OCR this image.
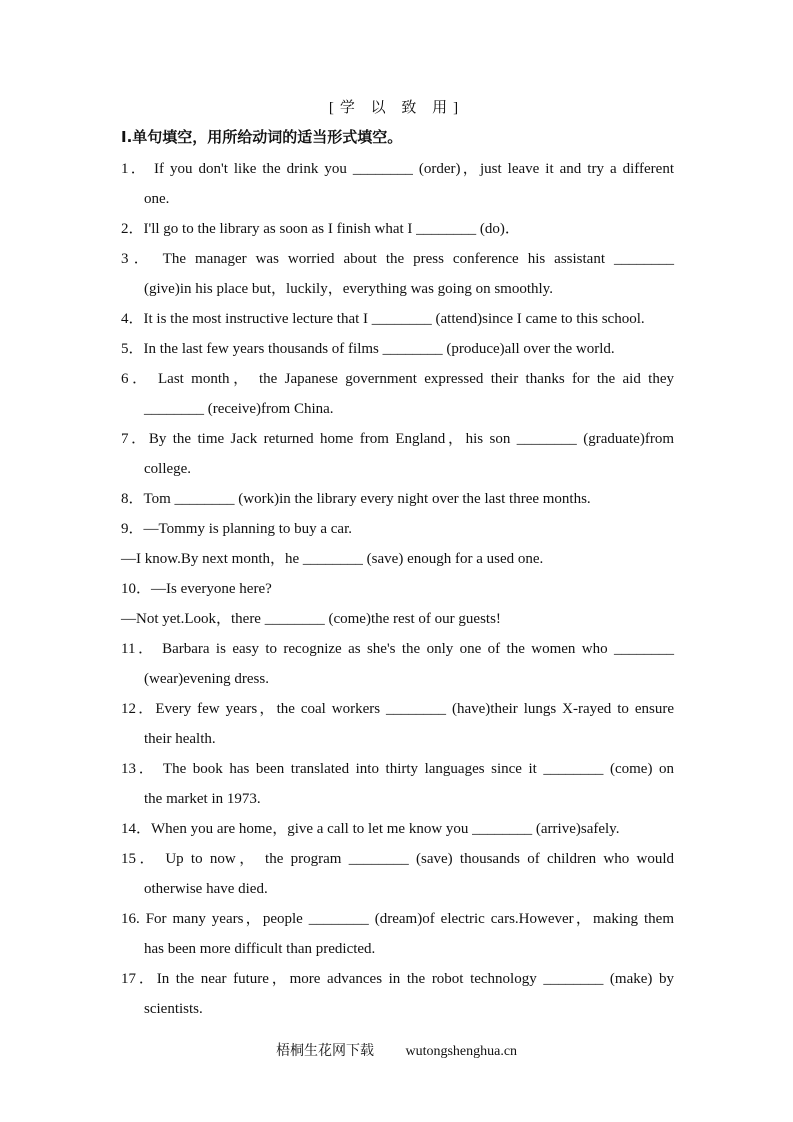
[学 以 致 用]
Ⅰ.单句填空，用所给动词的适当形式填空。
1． If you don't like the drink you ________ (order)，just leave it and try a different
one.
2．I'll go to the library as soon as I finish what I ________ (do)．
3． The manager was worried about the press conference his assistant ________
(give)in his place but，luckily，everything was going on smoothly.
4．It is the most instructive lecture that I ________ (attend)since I came to this school.
5．In the last few years thousands of films ________ (produce)all over the world.
6． Last month， the Japanese government expressed their thanks for the aid they
________ (receive)from China.
7．By the time Jack returned home from England，his son ________ (graduate)from
college.
8．Tom ________ (work)in the library every night over the last three months.
9．—Tommy is planning to buy a car.
—I know.By next month，he ________ (save) enough for a used one.
10．—Is everyone here?
—Not yet.Look，there ________ (come)the rest of our guests!
11． Barbara is easy to recognize as she's the only one of the women who ________
(wear)evening dress.
12．Every few years，the coal workers ________ (have)their lungs X-rayed to ensure
their health.
13． The book has been translated into thirty languages since it ________ (come) on
the market in 1973.
14．When you are home，give a call to let me know you ________ (arrive)safely.
15． Up to now， the program ________ (save) thousands of children who would
otherwise have died.
16. For many years，people ________ (dream)of electric cars.However，making them
has been more difficult than predicted.
17．In the near future，more advances in the robot technology ________ (make) by
scientists.
梧桐生花网下载 wutongshenghua.cn
